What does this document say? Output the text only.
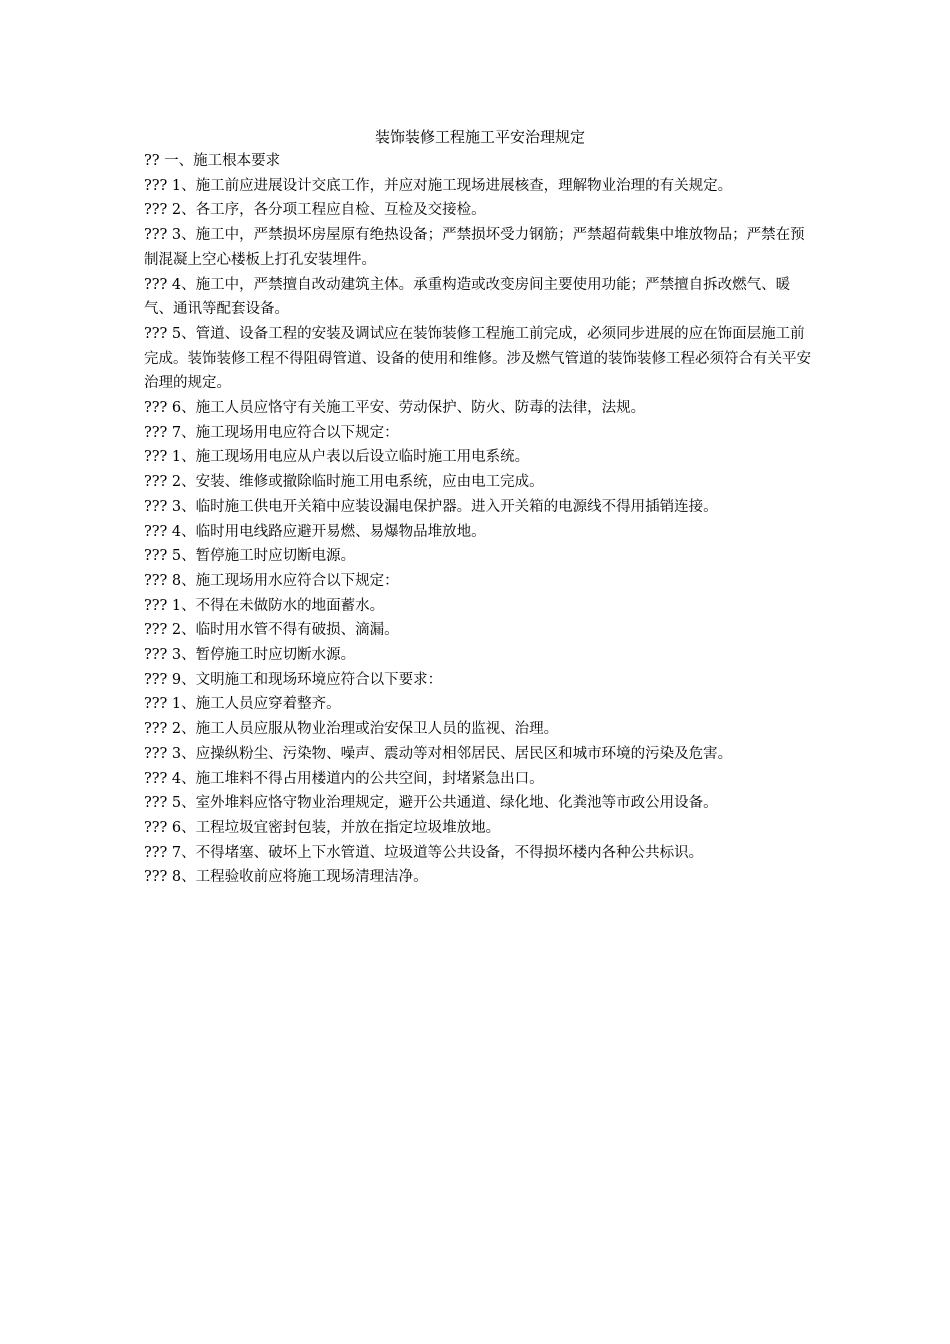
装饰装修工程施工平安治理规定
?? 一、施工根本要求
??? 1、施工前应进展设计交底工作，并应对施工现场进展核查，理解物业治理的有关规定。
??? 2、各工序，各分项工程应自检、互检及交接检。
??? 3、施工中，严禁损坏房屋原有绝热设备；严禁损坏受力钢筋；严禁超荷载集中堆放物品；严禁在预制混凝上空心楼板上打孔安装埋件。
??? 4、施工中，严禁擅自改动建筑主体。承重构造或改变房间主要使用功能；严禁擅自拆改燃气、暖气、通讯等配套设备。
??? 5、管道、设备工程的安装及调试应在装饰装修工程施工前完成，必须同步进展的应在饰面层施工前完成。装饰装修工程不得阻碍管道、设备的使用和维修。涉及燃气管道的装饰装修工程必须符合有关平安治理的规定。
??? 6、施工人员应恪守有关施工平安、劳动保护、防火、防毒的法律，法规。
??? 7、施工现场用电应符合以下规定：
??? 1、施工现场用电应从户表以后设立临时施工用电系统。
??? 2、安装、维修或撤除临时施工用电系统，应由电工完成。
??? 3、临时施工供电开关箱中应装设漏电保护器。进入开关箱的电源线不得用插销连接。
??? 4、临时用电线路应避开易燃、易爆物品堆放地。
??? 5、暂停施工时应切断电源。
??? 8、施工现场用水应符合以下规定：
??? 1、不得在未做防水的地面蓄水。
??? 2、临时用水管不得有破损、滴漏。
??? 3、暂停施工时应切断水源。
??? 9、文明施工和现场环境应符合以下要求：
??? 1、施工人员应穿着整齐。
??? 2、施工人员应服从物业治理或治安保卫人员的监视、治理。
??? 3、应操纵粉尘、污染物、噪声、震动等对相邻居民、居民区和城市环境的污染及危害。
??? 4、施工堆料不得占用楼道内的公共空间，封堵紧急出口。
??? 5、室外堆料应恪守物业治理规定，避开公共通道、绿化地、化粪池等市政公用设备。
??? 6、工程垃圾宜密封包装，并放在指定垃圾堆放地。
??? 7、不得堵塞、破坏上下水管道、垃圾道等公共设备，不得损坏楼内各种公共标识。
??? 8、工程验收前应将施工现场清理洁净。
